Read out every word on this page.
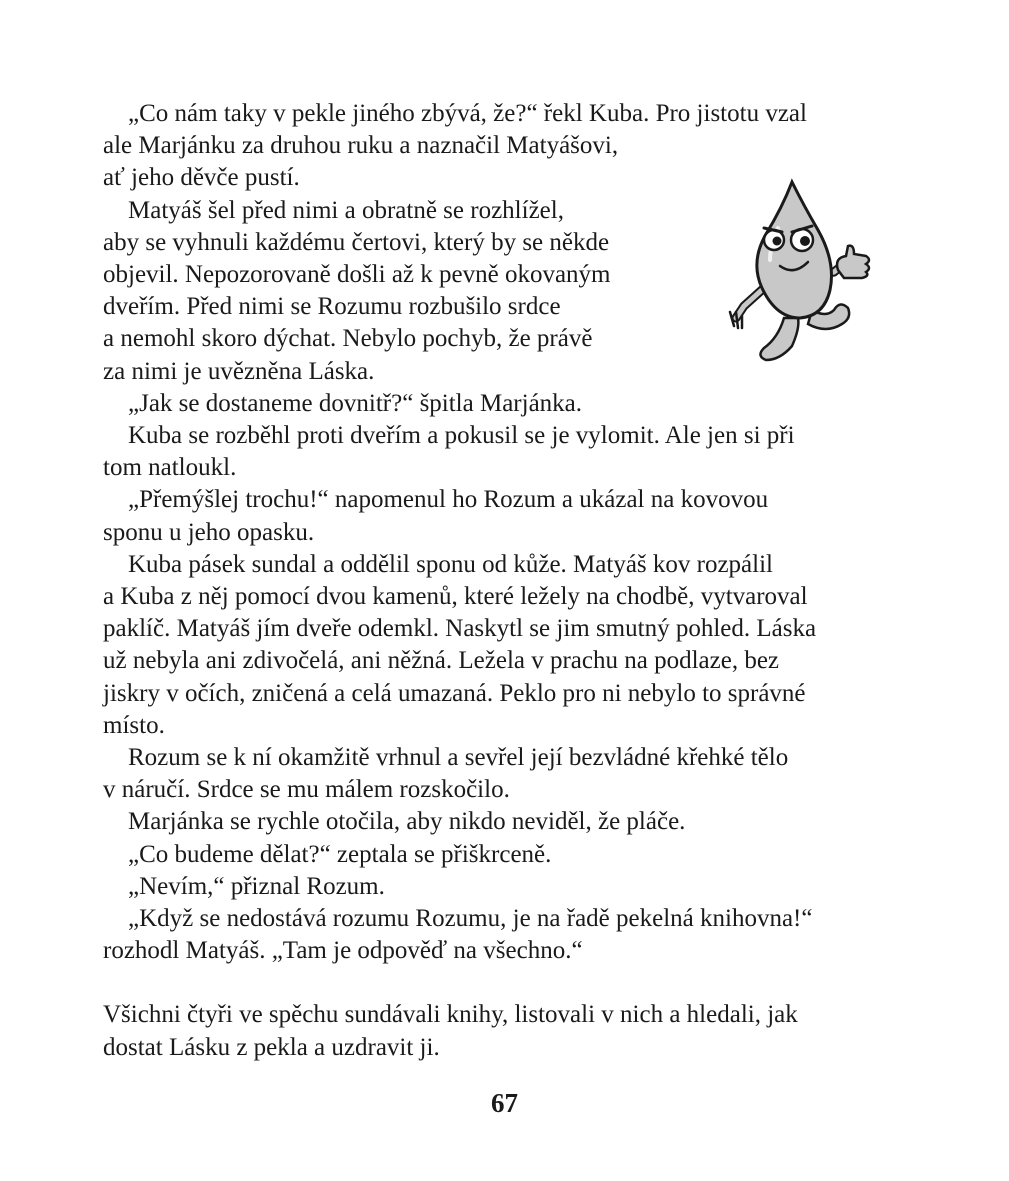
„Co nám taky v pekle jiného zbývá, že?“ řekl Kuba. Pro jistotu vzal
ale Marjánku za druhou ruku a naznačil Matyášovi,
ať jeho děvče pustí.
Matyáš šel před nimi a obratně se rozhlížel,
aby se vyhnuli každému čertovi, který by se někde
objevil. Nepozorovaně došli až k pevně okovaným
dveřím. Před nimi se Rozumu rozbušilo srdce
a nemohl skoro dýchat. Nebylo pochyb, že právě
za nimi je uvězněna Láska.
„Jak se dostaneme dovnitř?“ špitla Marjánka.
Kuba se rozběhl proti dveřím a pokusil se je vylomit. Ale jen si při
tom natloukl.
„Přemýšlej trochu!“ napomenul ho Rozum a ukázal na kovovou
sponu u jeho opasku.
Kuba pásek sundal a oddělil sponu od kůže. Matyáš kov rozpálil
a Kuba z něj pomocí dvou kamenů, které ležely na chodbě, vytvaroval
paklíč. Matyáš jím dveře odemkl. Naskytl se jim smutný pohled. Láska
už nebyla ani zdivočelá, ani něžná. Ležela v prachu na podlaze, bez
jiskry v očích, zničená a celá umazaná. Peklo pro ni nebylo to správné
místo.
Rozum se k ní okamžitě vrhnul a sevřel její bezvládné křehké tělo
v náručí. Srdce se mu málem rozskočilo.
Marjánka se rychle otočila, aby nikdo neviděl, že pláče.
„Co budeme dělat?“ zeptala se přiškrceně.
„Nevím,“ přiznal Rozum.
„Když se nedostává rozumu Rozumu, je na řadě pekelná knihovna!“
rozhodl Matyáš. „Tam je odpověď na všechno.“
Všichni čtyři ve spěchu sundávali knihy, listovali v nich a hledali, jak
dostat Lásku z pekla a uzdravit ji.
67
